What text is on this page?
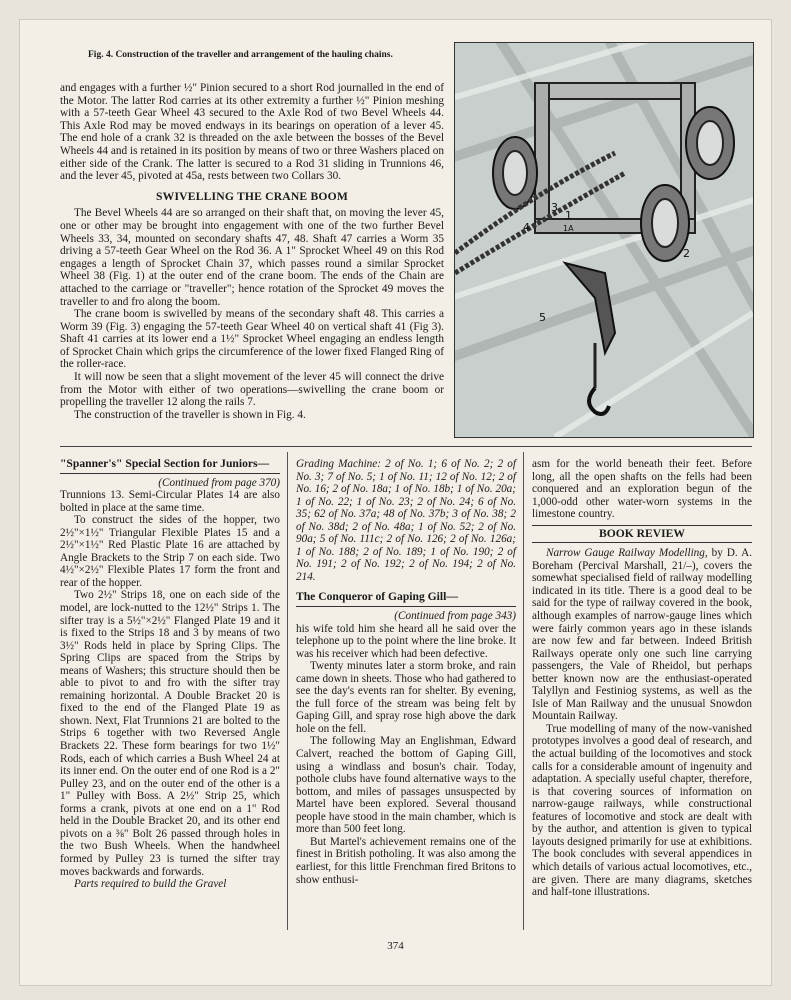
Fig. 4. Construction of the traveller and arrangement of the hauling chains.
3
1
1A
2
4
5

and engages with a further ½" Pinion secured to a short Rod journalled in the end of the Motor. The latter Rod carries at its other extremity a further ½" Pinion meshing with a 57-teeth Gear Wheel 43 secured to the Axle Rod of two Bevel Wheels 44. This Axle Rod may be moved endways in its bearings on operation of a lever 45. The end hole of a crank 32 is threaded on the axle between the bosses of the Bevel Wheels 44 and is retained in its position by means of two or three Washers placed on either side of the Crank. The latter is secured to a Rod 31 sliding in Trunnions 46, and the lever 45, pivoted at 45a, rests between two Collars 30.

SWIVELLING THE CRANE BOOM

The Bevel Wheels 44 are so arranged on their shaft that, on moving the lever 45, one or other may be brought into engagement with one of the two further Bevel Wheels 33, 34, mounted on secondary shafts 47, 48. Shaft 47 carries a Worm 35 driving a 57-teeth Gear Wheel on the Rod 36. A 1" Sprocket Wheel 49 on this Rod engages a length of Sprocket Chain 37, which passes round a similar Sprocket Wheel 38 (Fig. 1) at the outer end of the crane boom. The ends of the Chain are attached to the carriage or "traveller"; hence rotation of the Sprocket 49 moves the traveller to and fro along the boom.

The crane boom is swivelled by means of the secondary shaft 48. This carries a Worm 39 (Fig. 3) engaging the 57-teeth Gear Wheel 40 on vertical shaft 41 (Fig 3). Shaft 41 carries at its lower end a 1½" Sprocket Wheel engaging an endless length of Sprocket Chain which grips the circumference of the lower fixed Flanged Ring of the roller-race.

It will now be seen that a slight movement of the lever 45 will connect the drive from the Motor with either of two operations—swivelling the crane boom or propelling the traveller 12 along the rails 7.

The construction of the traveller is shown in Fig. 4.

"Spanner's" Special Section for Juniors—

(Continued from page 370)

Trunnions 13. Semi-Circular Plates 14 are also bolted in place at the same time.

To construct the sides of the hopper, two 2½"×1½" Triangular Flexible Plates 15 and a 2½"×1½" Red Plastic Plate 16 are attached by Angle Brackets to the Strip 7 on each side. Two 4½"×2½" Flexible Plates 17 form the front and rear of the hopper.

Two 2½" Strips 18, one on each side of the model, are lock-nutted to the 12½" Strips 1. The sifter tray is a 5½"×2½" Flanged Plate 19 and it is fixed to the Strips 18 and 3 by means of two 3½" Rods held in place by Spring Clips. The Spring Clips are spaced from the Strips by means of Washers; this structure should then be able to pivot to and fro with the sifter tray remaining horizontal. A Double Bracket 20 is fixed to the end of the Flanged Plate 19 as shown. Next, Flat Trunnions 21 are bolted to the Strips 6 together with two Reversed Angle Brackets 22. These form bearings for two 1½" Rods, each of which carries a Bush Wheel 24 at its inner end. On the outer end of one Rod is a 2" Pulley 23, and on the outer end of the other is a 1" Pulley with Boss. A 2½" Strip 25, which forms a crank, pivots at one end on a 1" Rod held in the Double Bracket 20, and its other end pivots on a ⅜" Bolt 26 passed through holes in the two Bush Wheels. When the handwheel formed by Pulley 23 is turned the sifter tray moves backwards and forwards.

Parts required to build the Gravel

Grading Machine: 2 of No. 1; 6 of No. 2; 2 of No. 3; 7 of No. 5; 1 of No. 11; 12 of No. 12; 2 of No. 16; 2 of No. 18a; 1 of No. 18b; 1 of No. 20a; 1 of No. 22; 1 of No. 23; 2 of No. 24; 6 of No. 35; 62 of No. 37a; 48 of No. 37b; 3 of No. 38; 2 of No. 38d; 2 of No. 48a; 1 of No. 52; 2 of No. 90a; 5 of No. 111c; 2 of No. 126; 2 of No. 126a; 1 of No. 188; 2 of No. 189; 1 of No. 190; 2 of No. 191; 2 of No. 192; 2 of No. 194; 2 of No. 214.

The Conqueror of Gaping Gill—

(Continued from page 343)

his wife told him she heard all he said over the telephone up to the point where the line broke. It was his receiver which had been defective.

Twenty minutes later a storm broke, and rain came down in sheets. Those who had gathered to see the day's events ran for shelter. By evening, the full force of the stream was being felt by Gaping Gill, and spray rose high above the dark hole on the fell.

The following May an Englishman, Edward Calvert, reached the bottom of Gaping Gill, using a windlass and bosun's chair. Today, pothole clubs have found alternative ways to the bottom, and miles of passages unsuspected by Martel have been explored. Several thousand people have stood in the main chamber, which is more than 500 feet long.

But Martel's achievement remains one of the finest in British potholing. It was also among the earliest, for this little Frenchman fired Britons to show enthusi-

asm for the world beneath their feet. Before long, all the open shafts on the fells had been conquered and an exploration begun of the 1,000-odd other water-worn systems in the limestone country.

BOOK REVIEW

Narrow Gauge Railway Modelling, by D. A. Boreham (Percival Marshall, 21/–), covers the somewhat specialised field of railway modelling indicated in its title. There is a good deal to be said for the type of railway covered in the book, although examples of narrow-gauge lines which were fairly common years ago in these islands are now few and far between. Indeed British Railways operate only one such line carrying passengers, the Vale of Rheidol, but perhaps better known now are the enthusiast-operated Talyllyn and Festiniog systems, as well as the Isle of Man Railway and the unusual Snowdon Mountain Railway.

True modelling of many of the now-vanished prototypes involves a good deal of research, and the actual building of the locomotives and stock calls for a considerable amount of ingenuity and adaptation. A specially useful chapter, therefore, is that covering sources of information on narrow-gauge railways, while constructional features of locomotive and stock are dealt with by the author, and attention is given to typical layouts designed primarily for use at exhibitions. The book concludes with several appendices in which details of various actual locomotives, etc., are given. There are many diagrams, sketches and half-tone illustrations.

374
